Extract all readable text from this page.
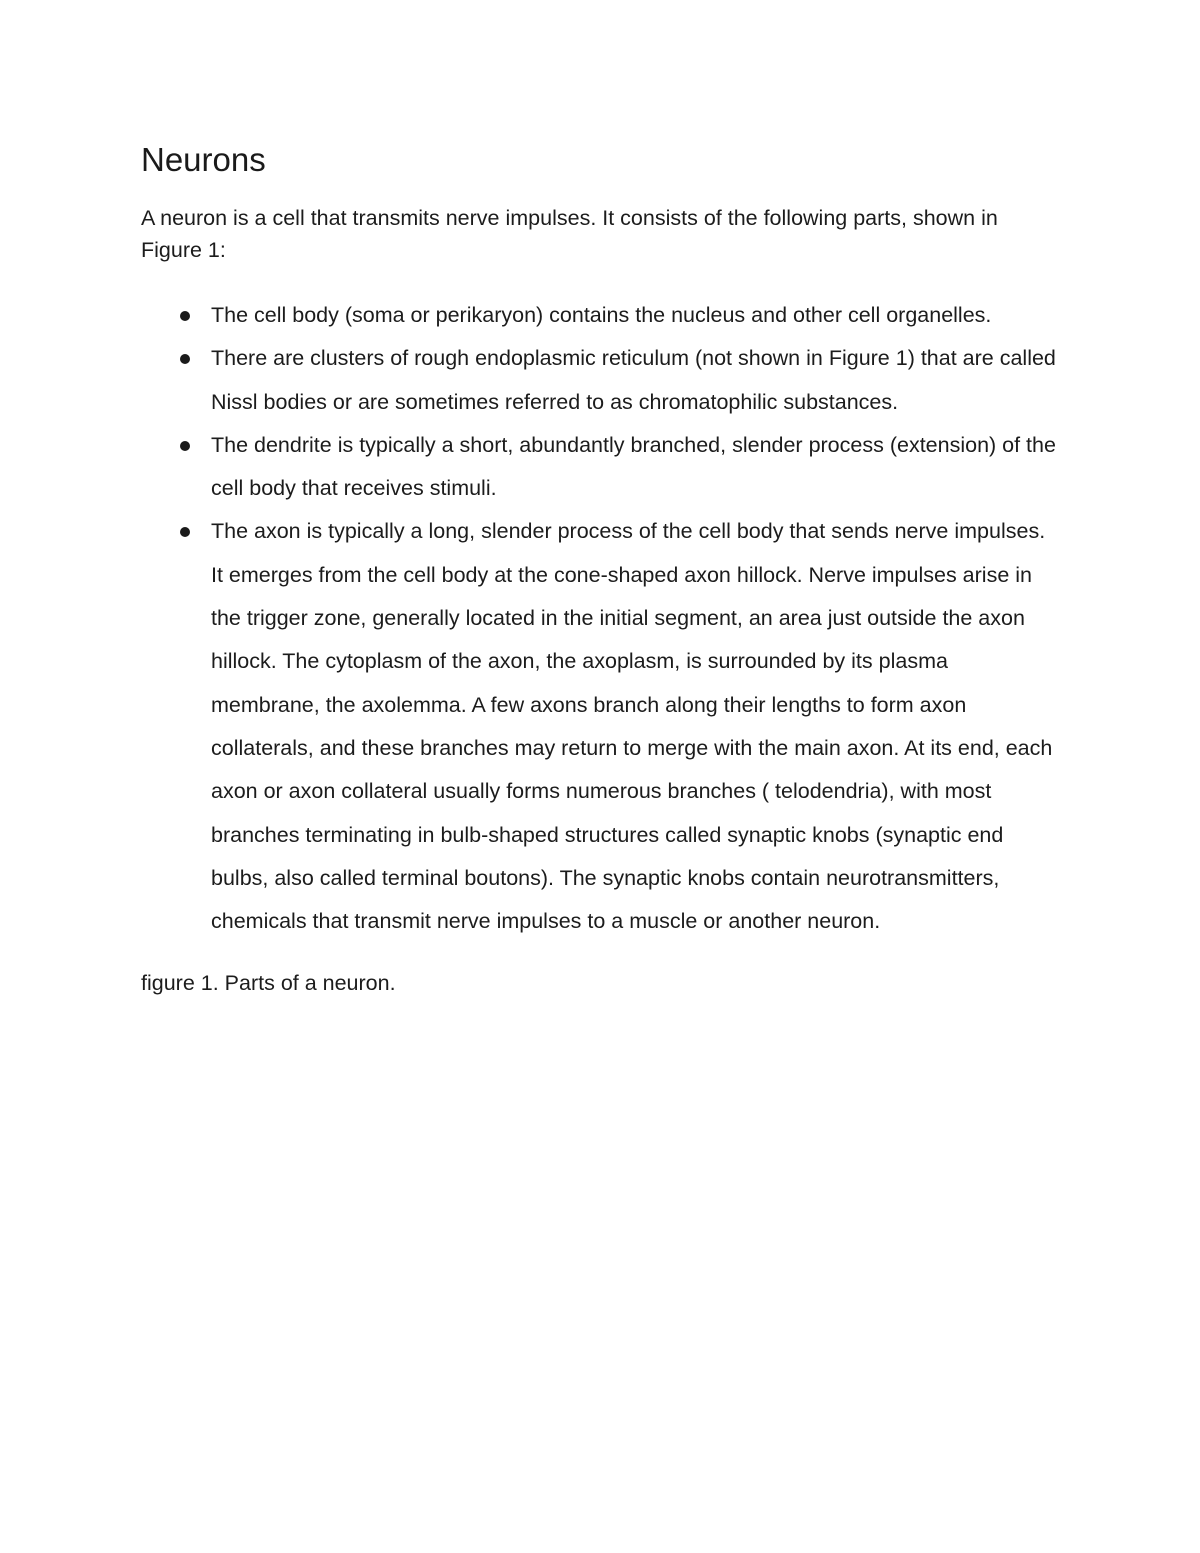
Neurons

A neuron is a cell that transmits nerve impulses. It consists of the following parts, shown in Figure 1:

The cell body (soma or perikaryon) contains the nucleus and other cell organelles.
There are clusters of rough endoplasmic reticulum (not shown in Figure 1) that are called Nissl bodies or are sometimes referred to as chromatophilic substances.
The dendrite is typically a short, abundantly branched, slender process (extension) of the cell body that receives stimuli.
The axon is typically a long, slender process of the cell body that sends nerve impulses. It emerges from the cell body at the cone-shaped axon hillock. Nerve impulses arise in the trigger zone, generally located in the initial segment, an area just outside the axon hillock. The cytoplasm of the axon, the axoplasm, is surrounded by its plasma membrane, the axolemma. A few axons branch along their lengths to form axon collaterals, and these branches may return to merge with the main axon. At its end, each axon or axon collateral usually forms numerous branches ( telodendria), with most branches terminating in bulb-shaped structures called synaptic knobs (synaptic end bulbs, also called terminal boutons). The synaptic knobs contain neurotransmitters, chemicals that transmit nerve impulses to a muscle or another neuron.

figure 1. Parts of a neuron.
